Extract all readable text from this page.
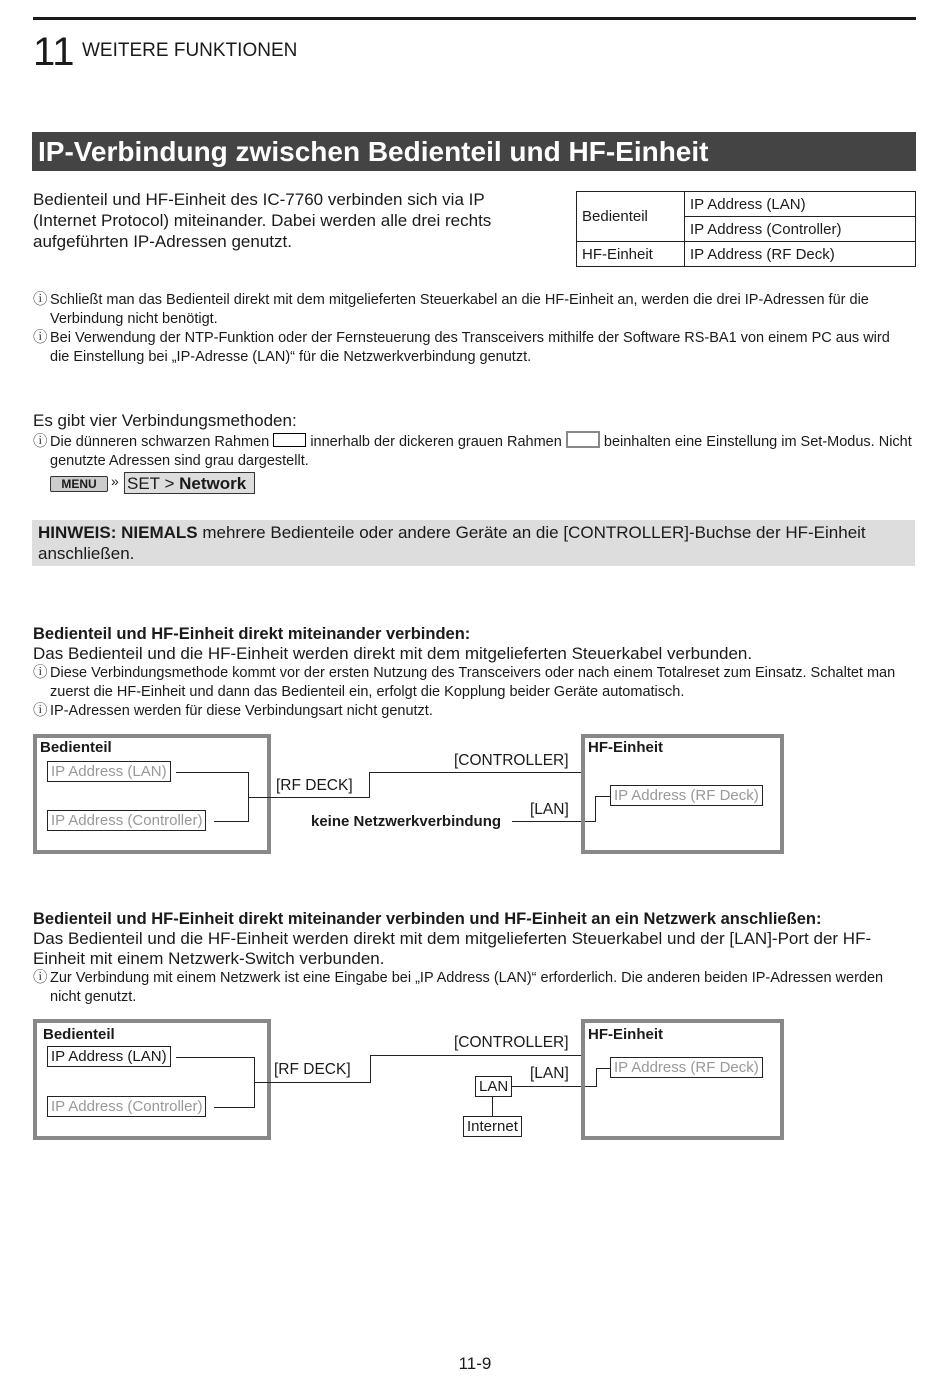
11 WEITERE FUNKTIONEN
IP-Verbindung zwischen Bedienteil und HF-Einheit
Bedienteil und HF-Einheit des IC-7760 verbinden sich via IP (Internet Protocol) miteinander. Dabei werden alle drei rechts aufgeführten IP-Adressen genutzt.
Bedienteil	IP Address (LAN)
	IP Address (Controller)
HF-Einheit	IP Address (RF Deck)
ⓘ Schließt man das Bedienteil direkt mit dem mitgelieferten Steuerkabel an die HF-Einheit an, werden die drei IP-Adressen für die Verbindung nicht benötigt.
ⓘ Bei Verwendung der NTP-Funktion oder der Fernsteuerung des Transceivers mithilfe der Software RS-BA1 von einem PC aus wird die Einstellung bei „IP-Adresse (LAN)“ für die Netzwerkverbindung genutzt.
Es gibt vier Verbindungsmethoden:
ⓘ Die dünneren schwarzen Rahmen	innerhalb der dickeren grauen Rahmen	beinhalten eine Einstellung im Set-Modus. Nicht genutzte Adressen sind grau dargestellt.
MENU	» SET > Network
HINWEIS: NIEMALS mehrere Bedienteile oder andere Geräte an die [CONTROLLER]-Buchse der HF-Einheit anschließen.
Bedienteil und HF-Einheit direkt miteinander verbinden:
Das Bedienteil und die HF-Einheit werden direkt mit dem mitgelieferten Steuerkabel verbunden.
ⓘ Diese Verbindungsmethode kommt vor der ersten Nutzung des Transceivers oder nach einem Totalreset zum Einsatz. Schaltet man zuerst die HF-Einheit und dann das Bedienteil ein, erfolgt die Kopplung beider Geräte automatisch.
ⓘ IP-Adressen werden für diese Verbindungsart nicht genutzt.
Bedienteil
IP Address (LAN)
IP Address (Controller)
[RF DECK]
[CONTROLLER]
[LAN]
keine Netzwerkverbindung
HF-Einheit
IP Address (RF Deck)
Bedienteil und HF-Einheit direkt miteinander verbinden und HF-Einheit an ein Netzwerk anschließen:
Das Bedienteil und die HF-Einheit werden direkt mit dem mitgelieferten Steuerkabel und der [LAN]-Port der HF-Einheit mit einem Netzwerk-Switch verbunden.
ⓘ Zur Verbindung mit einem Netzwerk ist eine Eingabe bei „IP Address (LAN)“ erforderlich. Die anderen beiden IP-Adressen werden nicht genutzt.
Bedienteil
IP Address (LAN)
IP Address (Controller)
[RF DECK]
[CONTROLLER]
[LAN]
LAN
Internet
HF-Einheit
IP Address (RF Deck)
11-9
